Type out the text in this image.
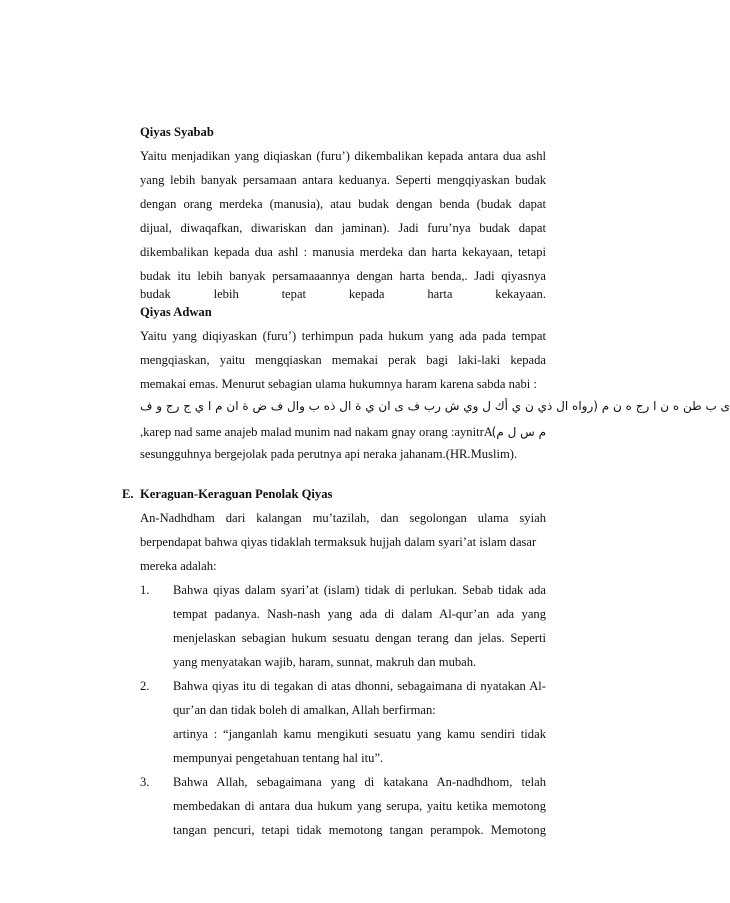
Qiyas Syabab
Yaitu menjadikan yang diqiaskan (furu’) dikembalikan kepada antara dua ashl
yang lebih banyak persamaan antara keduanya. Seperti mengqiyaskan budak
dengan orang merdeka (manusia), atau budak dengan benda (budak dapat
dijual, diwaqafkan, diwariskan dan jaminan). Jadi furu’nya budak dapat
dikembalikan kepada dua ashl : manusia merdeka dan harta kekayaan, tetapi
budak itu lebih banyak persamaaannya dengan harta benda,. Jadi qiyasnya
budak	lebih	tepat	kepada	harta	kekayaan.
Qiyas Adwan
Yaitu yang diqiyaskan (furu’) terhimpun pada hukum yang ada pada tempat
mengqiaskan, yaitu mengqiaskan memakai perak bagi laki-laki kepada
memakai emas. Menurut sebagian ulama hukumnya haram karena sabda nabi :
ى ب طن ه ن ا رج ه ن م (رواه ال ذي ن ي أك ل وي ش رب ف ى ان ي ة ال ذه ب وال ف ض ة ان م ا ي ج رج و ف
,karep nad same anajeb malad munim nad nakam gnay orang :aynitrA
(م س ل م
sesungguhnya bergejolak pada perutnya api neraka jahanam.(HR.Muslim).
E. Keraguan-Keraguan Penolak Qiyas
An-Nadhdham dari kalangan mu’tazilah, dan segolongan ulama syiah
berpendapat bahwa qiyas tidaklah termaksuk hujjah dalam syari’at islam dasar
mereka adalah:
1. Bahwa qiyas dalam syari’at (islam) tidak di perlukan. Sebab tidak ada
tempat padanya. Nash-nash yang ada di dalam Al-qur’an ada yang
menjelaskan sebagian hukum sesuatu dengan terang dan jelas. Seperti
yang menyatakan wajib, haram, sunnat, makruh dan mubah.
2. Bahwa qiyas itu di tegakan di atas dhonni, sebagaimana di nyatakan Al-
qur’an dan tidak boleh di amalkan, Allah berfirman:
artinya : “janganlah kamu mengikuti sesuatu yang kamu sendiri tidak
mempunyai pengetahuan tentang hal itu”.
3. Bahwa Allah, sebagaimana yang di katakana An-nadhdhom, telah
membedakan di antara dua hukum yang serupa, yaitu ketika memotong
tangan pencuri, tetapi tidak memotong tangan perampok. Memotong
